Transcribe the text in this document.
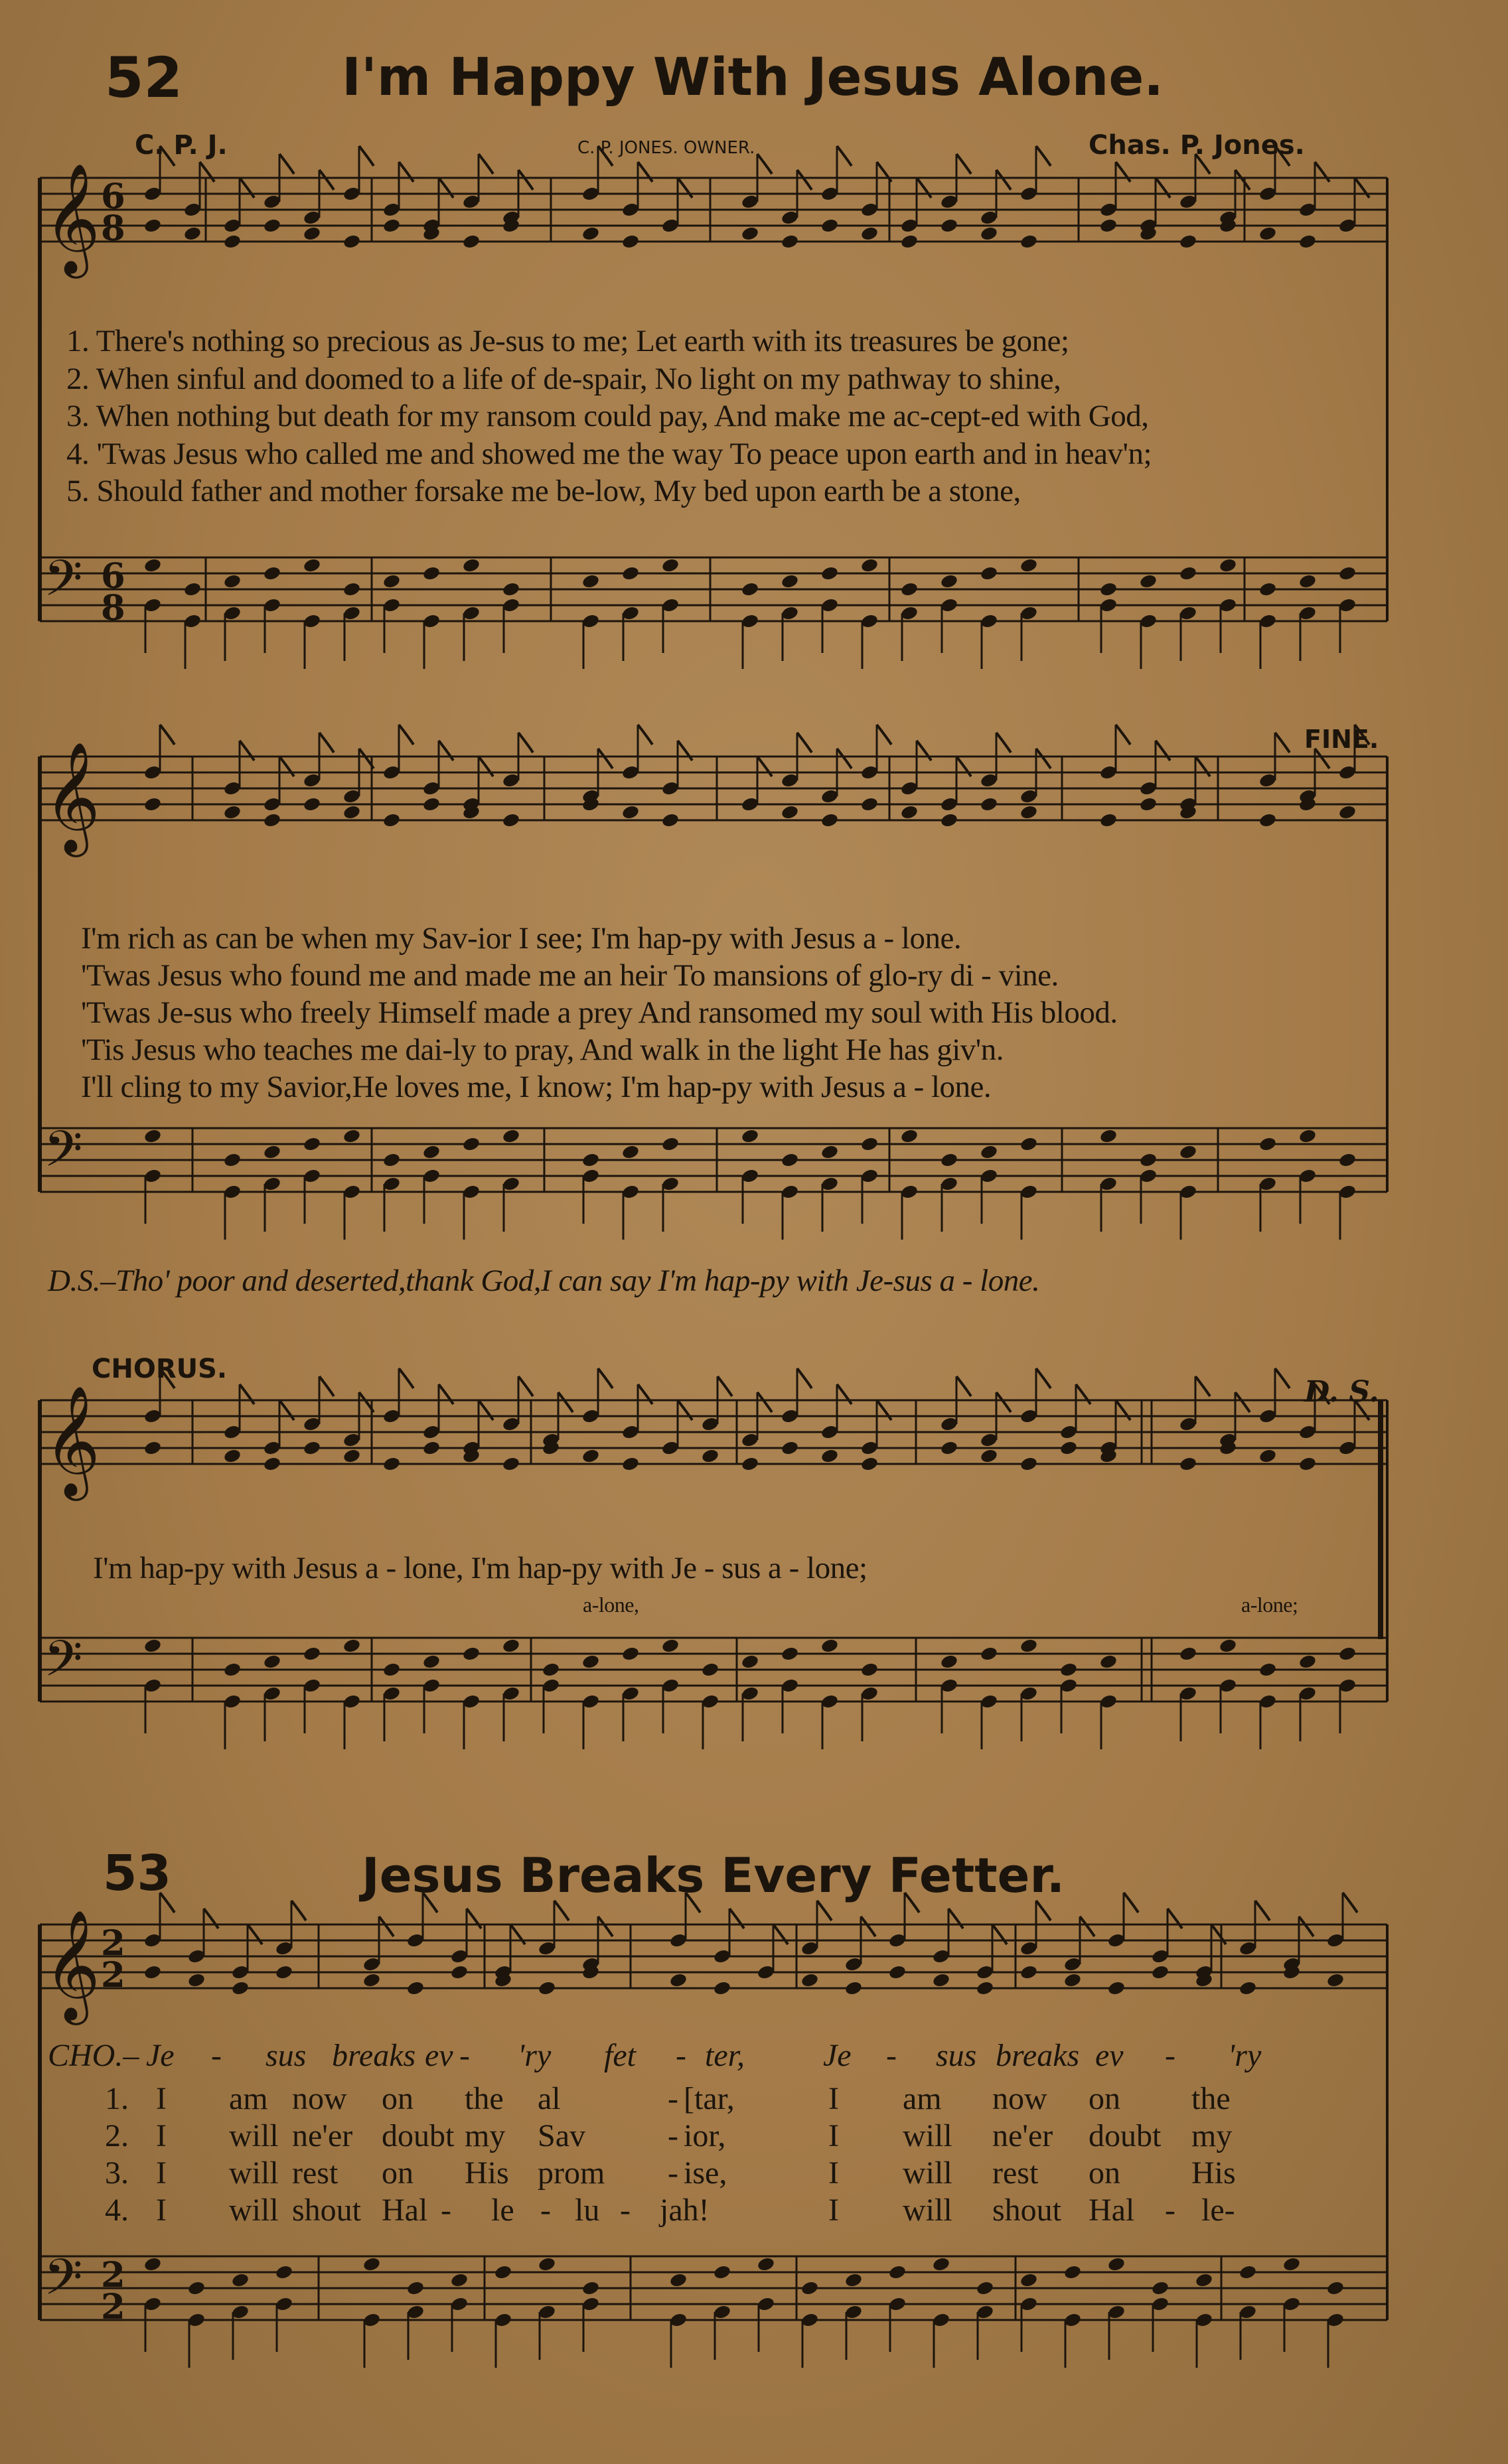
52	I'm Happy With Jesus Alone.
C. P. J.	C. P. JONES. OWNER.	Chas. P. Jones.
1. There's nothing so precious as Je-sus to me; Let earth with its treasures be gone;
2. When sinful and doomed to a life of de-spair, No light on my pathway to shine,
3. When nothing but death for my ransom could pay, And make me ac-cept-ed with God,
4. 'Twas Jesus who called me and showed me the way To peace upon earth and in heav'n;
5. Should father and mother forsake me be-low, My bed upon earth be a stone,
FINE.
I'm rich as can be when my Sav-ior I see; I'm hap-py with Jesus a - lone.
'Twas Jesus who found me and made me an heir To mansions of glo-ry di - vine.
'Twas Je-sus who freely Himself made a prey And ransomed my soul with His blood.
'Tis Jesus who teaches me dai-ly to pray, And walk in the light He has giv'n.
I'll cling to my Savior,He loves me, I know; I'm hap-py with Jesus a - lone.
D.S.–Tho' poor and deserted,thank God,I can say I'm hap-py with Je-sus a - lone.
CHORUS.
D. S.
I'm hap-py with Jesus a - lone, I'm hap-py with Je - sus a - lone;
a-lone,	a-lone;
53	Jesus Breaks Every Fetter.
CHO.–
𝄞
𝄢
6
8
6
8
𝄞
𝄢
𝄞
𝄢
𝄞
𝄢
2
2
2
2
Je - sus breaks ev - 'ry fet - ter, Je - sus breaks ev - 'ry
1. I am now on the al	- [tar,	I am now on the
2. I will ne'er doubt my Sav	- ior,	I will ne'er doubt my
3. I will rest on His prom - ise,	I will rest on His
4. I will shout Hal - le - lu - jah!	I will shout Hal - le-
